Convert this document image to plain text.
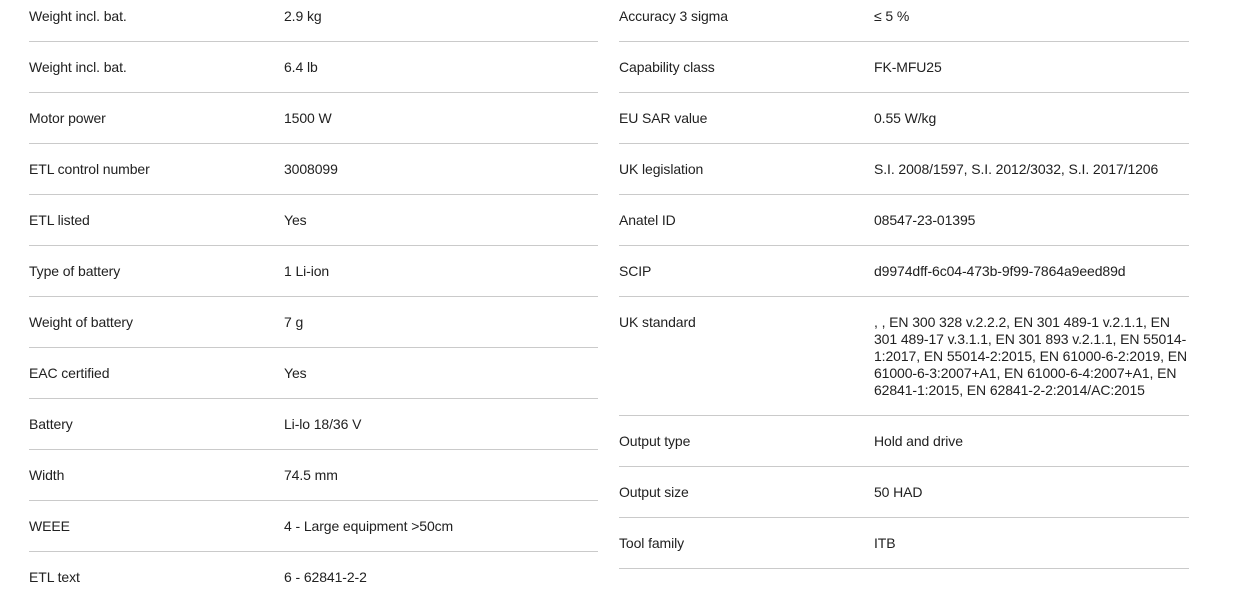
Weight incl. bat.	2.9 kg
Weight incl. bat.	6.4 lb
Motor power	1500 W
ETL control number	3008099
ETL listed	Yes
Type of battery	1 Li-ion
Weight of battery	7 g
EAC certified	Yes
Battery	Li-lo 18/36 V
Width	74.5 mm
WEEE	4 - Large equipment >50cm
ETL text	6 - 62841-2-2
Accuracy 3 sigma	≤ 5 %
Capability class	FK-MFU25
EU SAR value	0.55 W/kg
UK legislation	S.I. 2008/1597, S.I. 2012/3032, S.I. 2017/1206
Anatel ID	08547-23-01395
SCIP	d9974dff-6c04-473b-9f99-7864a9eed89d
UK standard	, , EN 300 328 v.2.2.2, EN 301 489-1 v.2.1.1, EN 301 489-17 v.3.1.1, EN 301 893 v.2.1.1, EN 55014-1:2017, EN 55014-2:2015, EN 61000-6-2:2019, EN 61000-6-3:2007+A1, EN 61000-6-4:2007+A1, EN 62841-1:2015, EN 62841-2-2:2014/AC:2015
Output type	Hold and drive
Output size	50 HAD
Tool family	ITB
